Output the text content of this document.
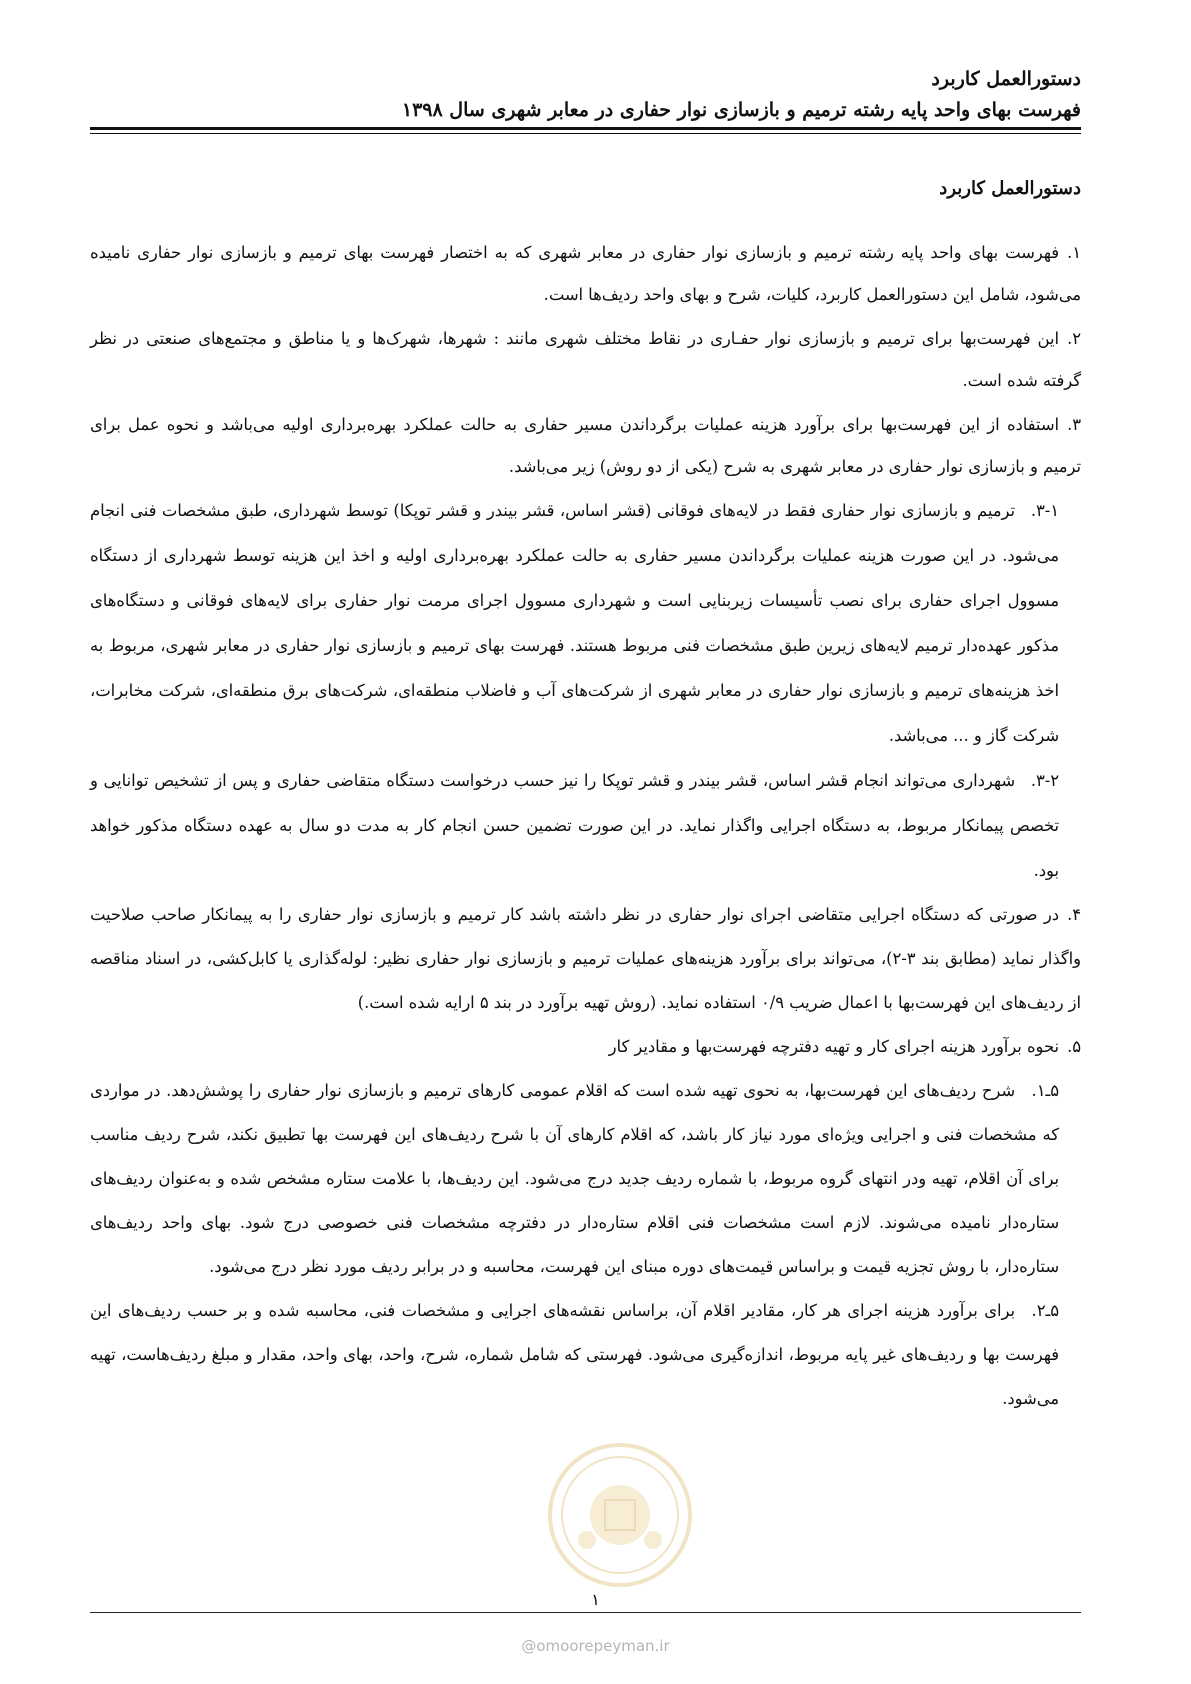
دستورالعمل کاربرد
فهرست بهای واحد پایه رشته ترمیم و بازسازی نوار حفاری در معابر شهری سال ۱۳۹۸
دستورالعمل کاربرد
۱.
فهرست بهای واحد پایه رشته ترمیم و بازسازی نوار حفاری در معابر شهری که به اختصار فهرست بهای ترمیم و بازسازی نوار حفاری نامیده می‌شود، شامل این دستورالعمل کاربرد، کلیات، شرح و بهای واحد ردیف‌ها است.
۲.
این فهرست‌بها برای ترمیم و بازسازی نوار حفـاری در نقاط مختلف شهری مانند : شهرها، شهرک‌ها و یا مناطق و مجتمع‌های صنعتی در نظر گرفته شده است.
۳.
استفاده از این فهرست‌بها برای برآورد هزینه عملیات برگرداندن مسیر حفاری به حالت عملکرد بهره‌برداری اولیه می‌باشد و نحوه عمل برای ترمیم و بازسازی نوار حفاری در معابر شهری به شرح (یکی از دو روش) زیر می‌باشد.
۳-۱.
ترمیم و بازسازی نوار حفاری فقط در لایه‌های فوقانی (قشر اساس، قشر بیندر و قشر توپکا) توسط شهرداری، طبق مشخصات فنی انجام می‌شود. در این صورت هزینه عملیات برگرداندن مسیر حفاری به حالت عملکرد بهره‌برداری اولیه و اخذ این هزینه توسط شهرداری از دستگاه مسوول اجرای حفاری برای نصب تأسیسات زیربنایی است و شهرداری مسوول اجرای مرمت نوار حفاری برای لایه‌های فوقانی و دستگاه‌های مذکور عهده‌دار ترمیم لایه‌های زیرین طبق مشخصات فنی مربوط هستند. فهرست بهای ترمیم و بازسازی نوار حفاری در معابر شهری، مربوط به اخذ هزینه‌های ترمیم و بازسازی نوار حفاری در معابر شهری از شرکت‌های آب و فاضلاب منطقه‌ای، شرکت‌های برق منطقه‌ای، شرکت مخابرات، شرکت گاز و ... می‌باشد.
۳-۲.
شهرداری می‌تواند انجام قشر اساس، قشر بیندر و قشر توپکا را نیز حسب درخواست دستگاه متقاضی حفاری و پس از تشخیص توانایی و تخصص پیمانکار مربوط، به دستگاه اجرایی واگذار نماید. در این صورت تضمین حسن انجام کار به مدت دو سال به عهده دستگاه مذکور خواهد بود.
۴.
در صورتی که دستگاه اجرایی متقاضی اجرای نوار حفاری در نظر داشته باشد کار ترمیم و بازسازی نوار حفاری را به پیمانکار صاحب صلاحیت واگذار نماید (مطابق بند ۳-۲)، می‌تواند برای برآورد هزینه‌های عملیات ترمیم و بازسازی نوار حفاری نظیر: لوله‌گذاری یا کابل‌کشی، در اسناد مناقصه از ردیف‌های این فهرست‌بها با اعمال ضریب ۰/۹ استفاده نماید. (روش تهیه برآورد در بند ۵ ارایه شده است.)
۵.
نحوه برآورد هزینه اجرای کار و تهیه دفترچه فهرست‌بها و مقادیر کار
۵ـ۱.
شرح ردیف‌های این فهرست‌بها، به نحوی تهیه شده است که اقلام عمومی کارهای ترمیم و بازسازی نوار حفاری را پوشش‌دهد. در مواردی که مشخصات فنی و اجرایی ویژه‌ای مورد نیاز کار باشد، که اقلام کارهای آن با شرح ردیف‌های این فهرست بها تطبیق نکند، شرح ردیف مناسب برای آن اقلام، تهیه ودر انتهای گروه مربوط، با شماره ردیف جدید درج می‌شود. این ردیف‌ها، با علامت ستاره مشخص شده و به‌عنوان ردیف‌های ستاره‌دار نامیده می‌شوند. لازم است مشخصات فنی اقلام ستاره‌دار در دفترچه مشخصات فنی خصوصی درج شود. بهای واحد ردیف‌های ستاره‌دار، با روش تجزیه قیمت و براساس قیمت‌های دوره مبنای این فهرست، محاسبه و در برابر ردیف مورد نظر درج می‌شود.
۵ـ۲.
برای برآورد هزینه اجرای هر کار، مقادیر اقلام آن، براساس نقشه‌های اجرایی و مشخصات فنی، محاسبه شده و بر حسب ردیف‌های این فهرست بها و ردیف‌های غیر پایه مربوط، اندازه‌گیری می‌شود. فهرستی که شامل شماره، شرح، واحد، بهای واحد، مقدار و مبلغ ردیف‌هاست، تهیه می‌شود.
۱
@omoorepeyman.ir
